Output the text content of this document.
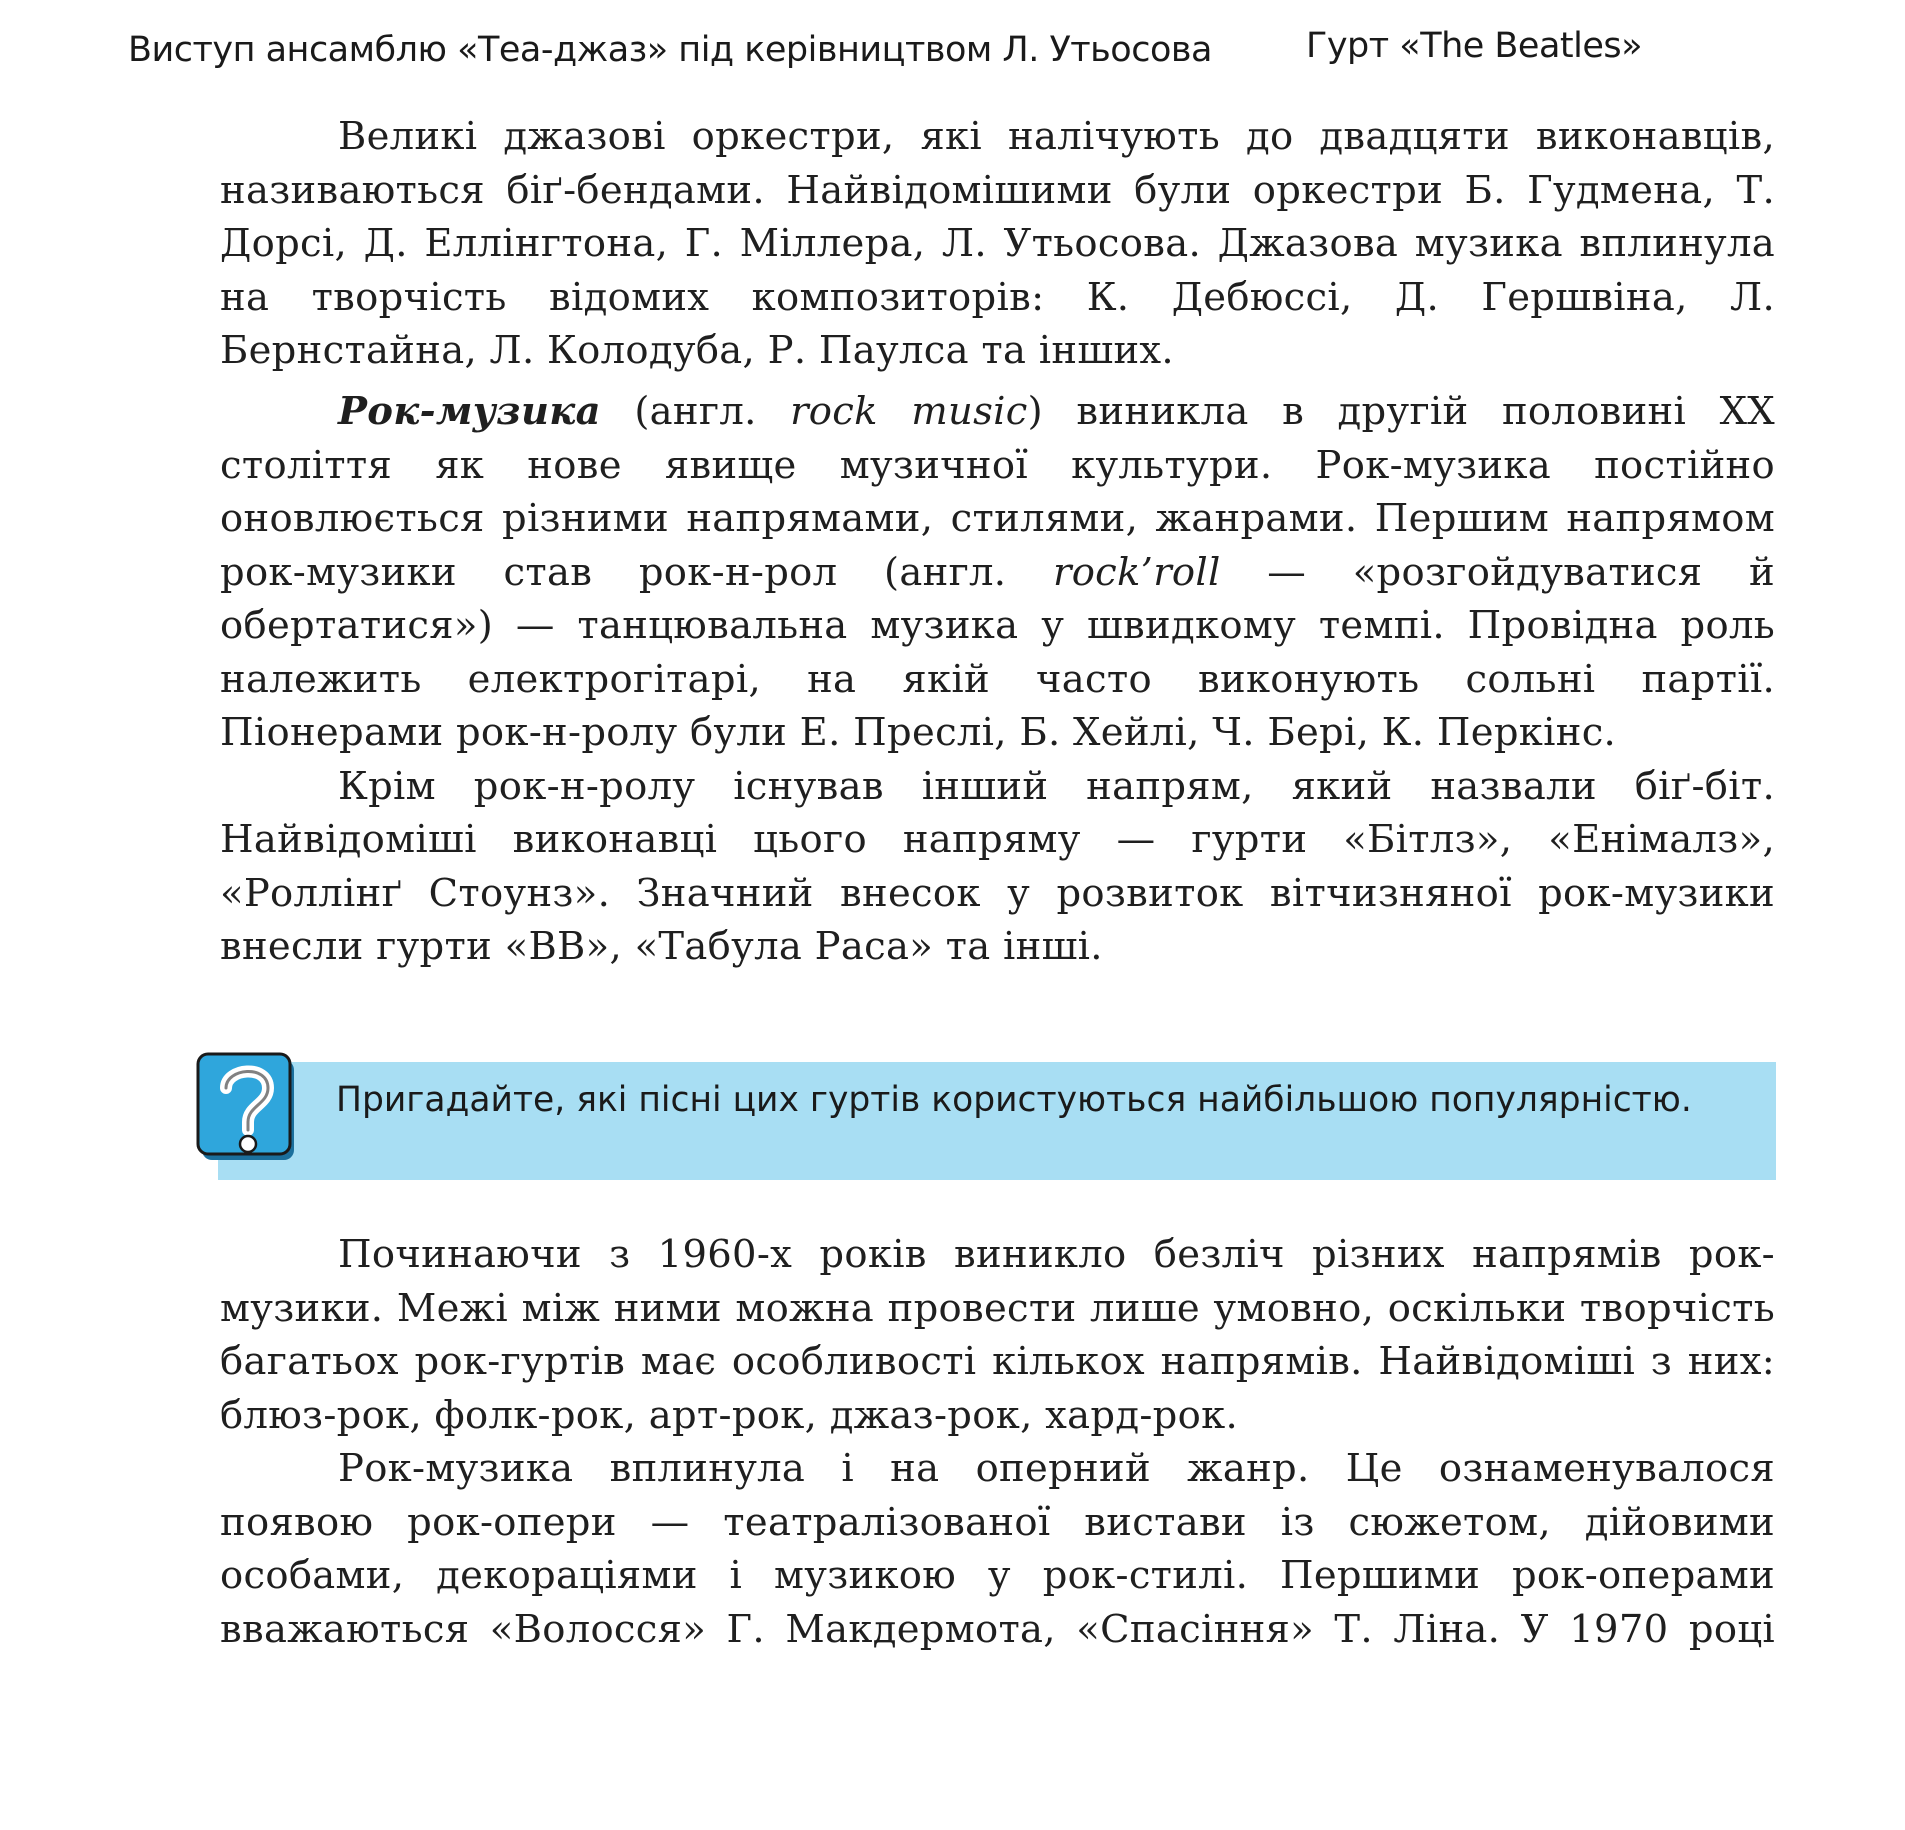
Виступ ансамблю «Теа-джаз» під керівництвом Л. Утьосова	Гурт «The Beatles»

Великі джазові оркестри, які налічують до двадцяти виконавців, називаються біґ-бендами. Найвідомішими були оркестри Б. Гудмена, Т. Дорсі, Д. Еллінгтона, Г. Міллера, Л. Утьосова. Джазова музика вплинула на творчість відомих композиторів: К. Дебюссі, Д. Гершвіна, Л. Бернстайна, Л. Колодуба, Р. Паулса та інших.

Рок-музика (англ. rock music) виникла в другій половині XX століття як нове явище музичної культури. Рок-музика постійно оновлюється різними напрямами, стилями, жанрами. Першим напрямом рок-музики став рок-н-рол (англ. rock’roll — «розгойдуватися й обертатися») — танцювальна музика у швидкому темпі. Провідна роль належить електрогітарі, на якій часто виконують сольні партії. Піонерами рок-н-ролу були Е. Преслі, Б. Хейлі, Ч. Бері, К. Перкінс.

Крім рок-н-ролу існував інший напрям, який назвали біґ-біт. Найвідоміші виконавці цього напряму — гурти «Бітлз», «Енімалз», «Роллінґ Стоунз». Значний внесок у розвиток вітчизняної рок-музики внесли гурти «ВВ», «Табула Раса» та інші.

Пригадайте, які пісні цих гуртів користуються найбільшою популярністю.

Починаючи з 1960-х років виникло безліч різних напрямів рок-музики. Межі між ними можна провести лише умовно, оскільки творчість багатьох рок-гуртів має особливості кількох напрямів. Найвідоміші з них: блюз-рок, фолк-рок, арт-рок, джаз-рок, хард-рок.

Рок-музика вплинула і на оперний жанр. Це ознаменувалося появою рок-опери — театралізованої вистави із сюжетом, дійовими особами, декораціями і музикою у рок-стилі. Першими рок-операми вважаються «Волосся» Г. Макдермота, «Спасіння» Т. Ліна. У 1970 році
